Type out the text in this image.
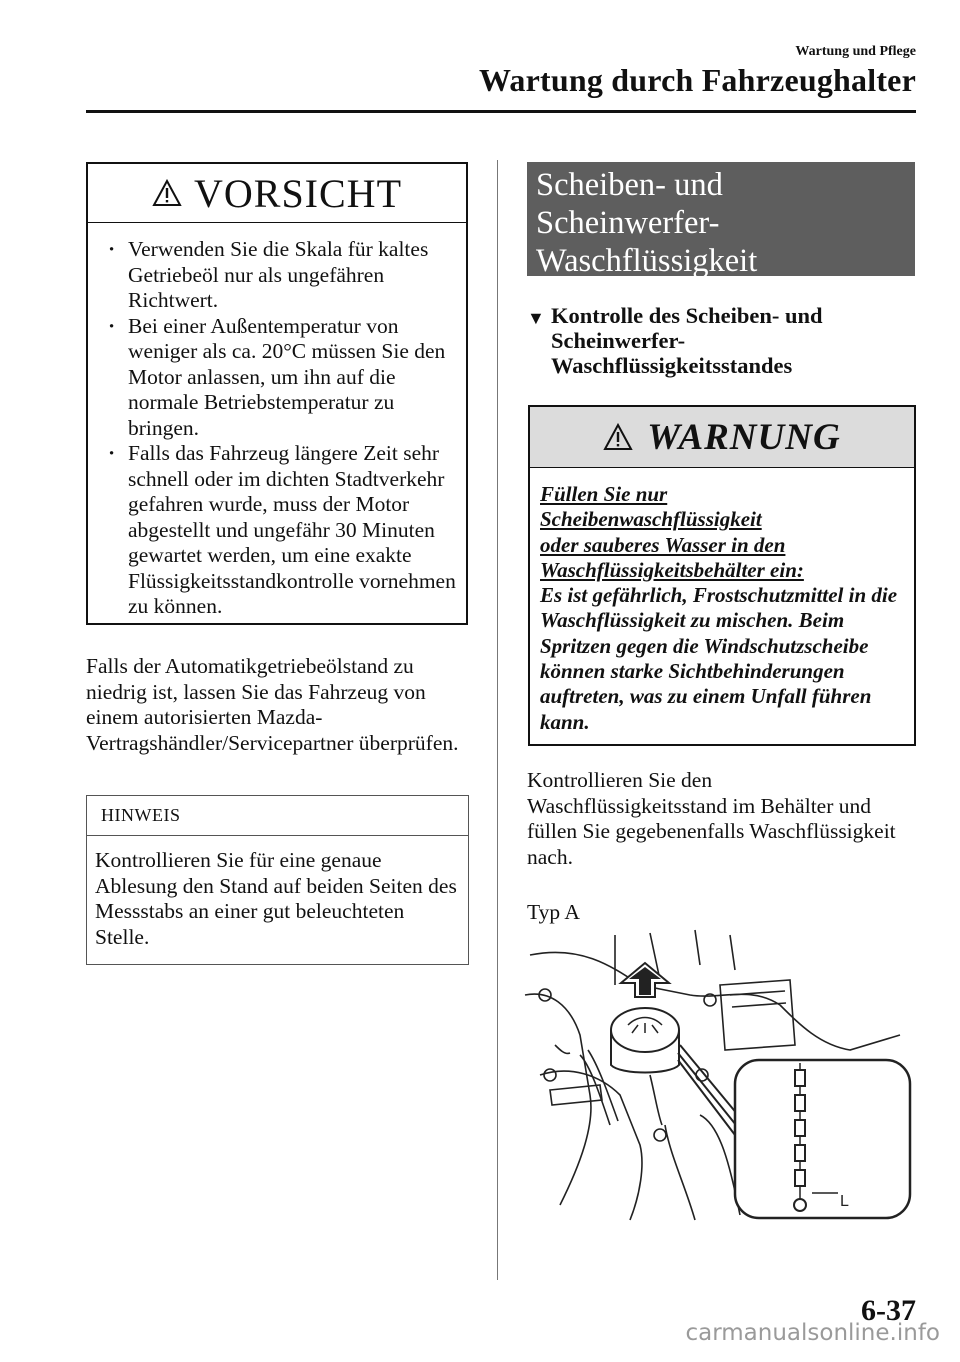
Wartung und Pflege
Wartung durch Fahrzeughalter
VORSICHT
· Verwenden Sie die Skala für kaltes Getriebeöl nur als ungefähren Richtwert.
· Bei einer Außentemperatur von weniger als ca. 20°C müssen Sie den Motor anlassen, um ihn auf die normale Betriebstemperatur zu bringen.
· Falls das Fahrzeug längere Zeit sehr schnell oder im dichten Stadtverkehr gefahren wurde, muss der Motor abgestellt und ungefähr 30 Minuten gewartet werden, um eine exakte Flüssigkeitsstandkontrolle vornehmen zu können.
Falls der Automatikgetriebeölstand zu niedrig ist, lassen Sie das Fahrzeug von einem autorisierten Mazda-Vertragshändler/Servicepartner überprüfen.
HINWEIS
Kontrollieren Sie für eine genaue Ablesung den Stand auf beiden Seiten des Messstabs an einer gut beleuchteten Stelle.
Scheiben- und
Scheinwerfer-
Waschflüssigkeit
▼ Kontrolle des Scheiben- und
Scheinwerfer-
Waschflüssigkeitsstandes
WARNUNG
Füllen Sie nur
Scheibenwaschflüssigkeit
oder sauberes Wasser in den
Waschflüssigkeitsbehälter ein:
Es ist gefährlich, Frostschutzmittel in die Waschflüssigkeit zu mischen. Beim Spritzen gegen die Windschutzscheibe können starke Sichtbehinderungen auftreten, was zu einem Unfall führen kann.
Kontrollieren Sie den Waschflüssigkeitsstand im Behälter und füllen Sie gegebenenfalls Waschflüssigkeit nach.
Typ A
L
6-37
carmanualsonline.info
